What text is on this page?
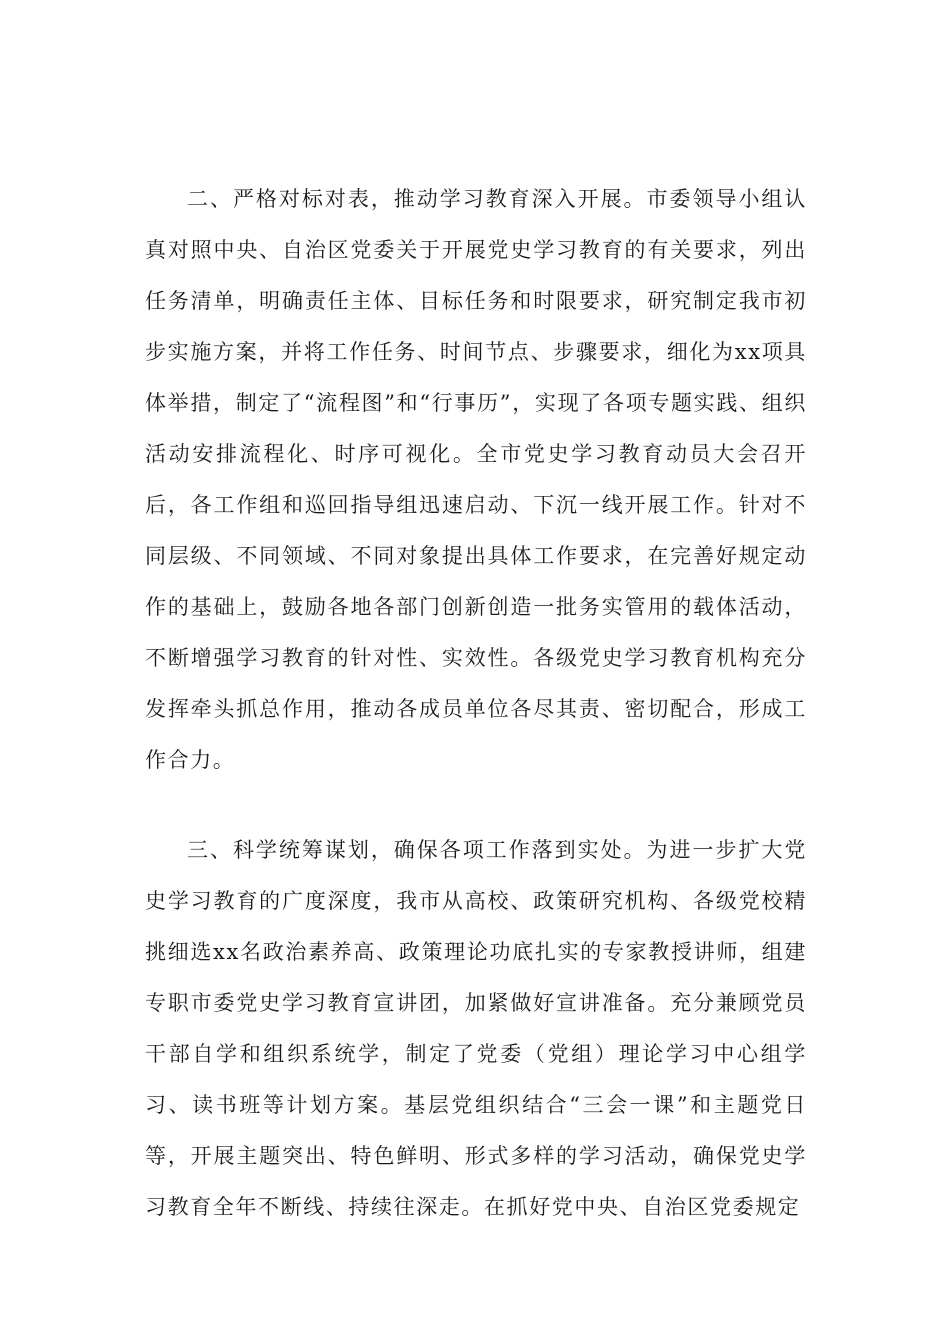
二、严格对标对表，推动学习教育深入开展。市委领导小组认真对照中央、自治区党委关于开展党史学习教育的有关要求，列出任务清单，明确责任主体、目标任务和时限要求，研究制定我市初步实施方案，并将工作任务、时间节点、步骤要求，细化为xx项具体举措，制定了“流程图”和“行事历”，实现了各项专题实践、组织活动安排流程化、时序可视化。全市党史学习教育动员大会召开后，各工作组和巡回指导组迅速启动、下沉一线开展工作。针对不同层级、不同领域、不同对象提出具体工作要求，在完善好规定动作的基础上，鼓励各地各部门创新创造一批务实管用的载体活动，不断增强学习教育的针对性、实效性。各级党史学习教育机构充分发挥牵头抓总作用，推动各成员单位各尽其责、密切配合，形成工作合力。

三、科学统筹谋划，确保各项工作落到实处。为进一步扩大党史学习教育的广度深度，我市从高校、政策研究机构、各级党校精挑细选xx名政治素养高、政策理论功底扎实的专家教授讲师，组建专职市委党史学习教育宣讲团，加紧做好宣讲准备。充分兼顾党员干部自学和组织系统学，制定了党委（党组）理论学习中心组学习、读书班等计划方案。基层党组织结合“三会一课”和主题党日等，开展主题突出、特色鲜明、形式多样的学习活动，确保党史学习教育全年不断线、持续往深走。在抓好党中央、自治区党委规定
